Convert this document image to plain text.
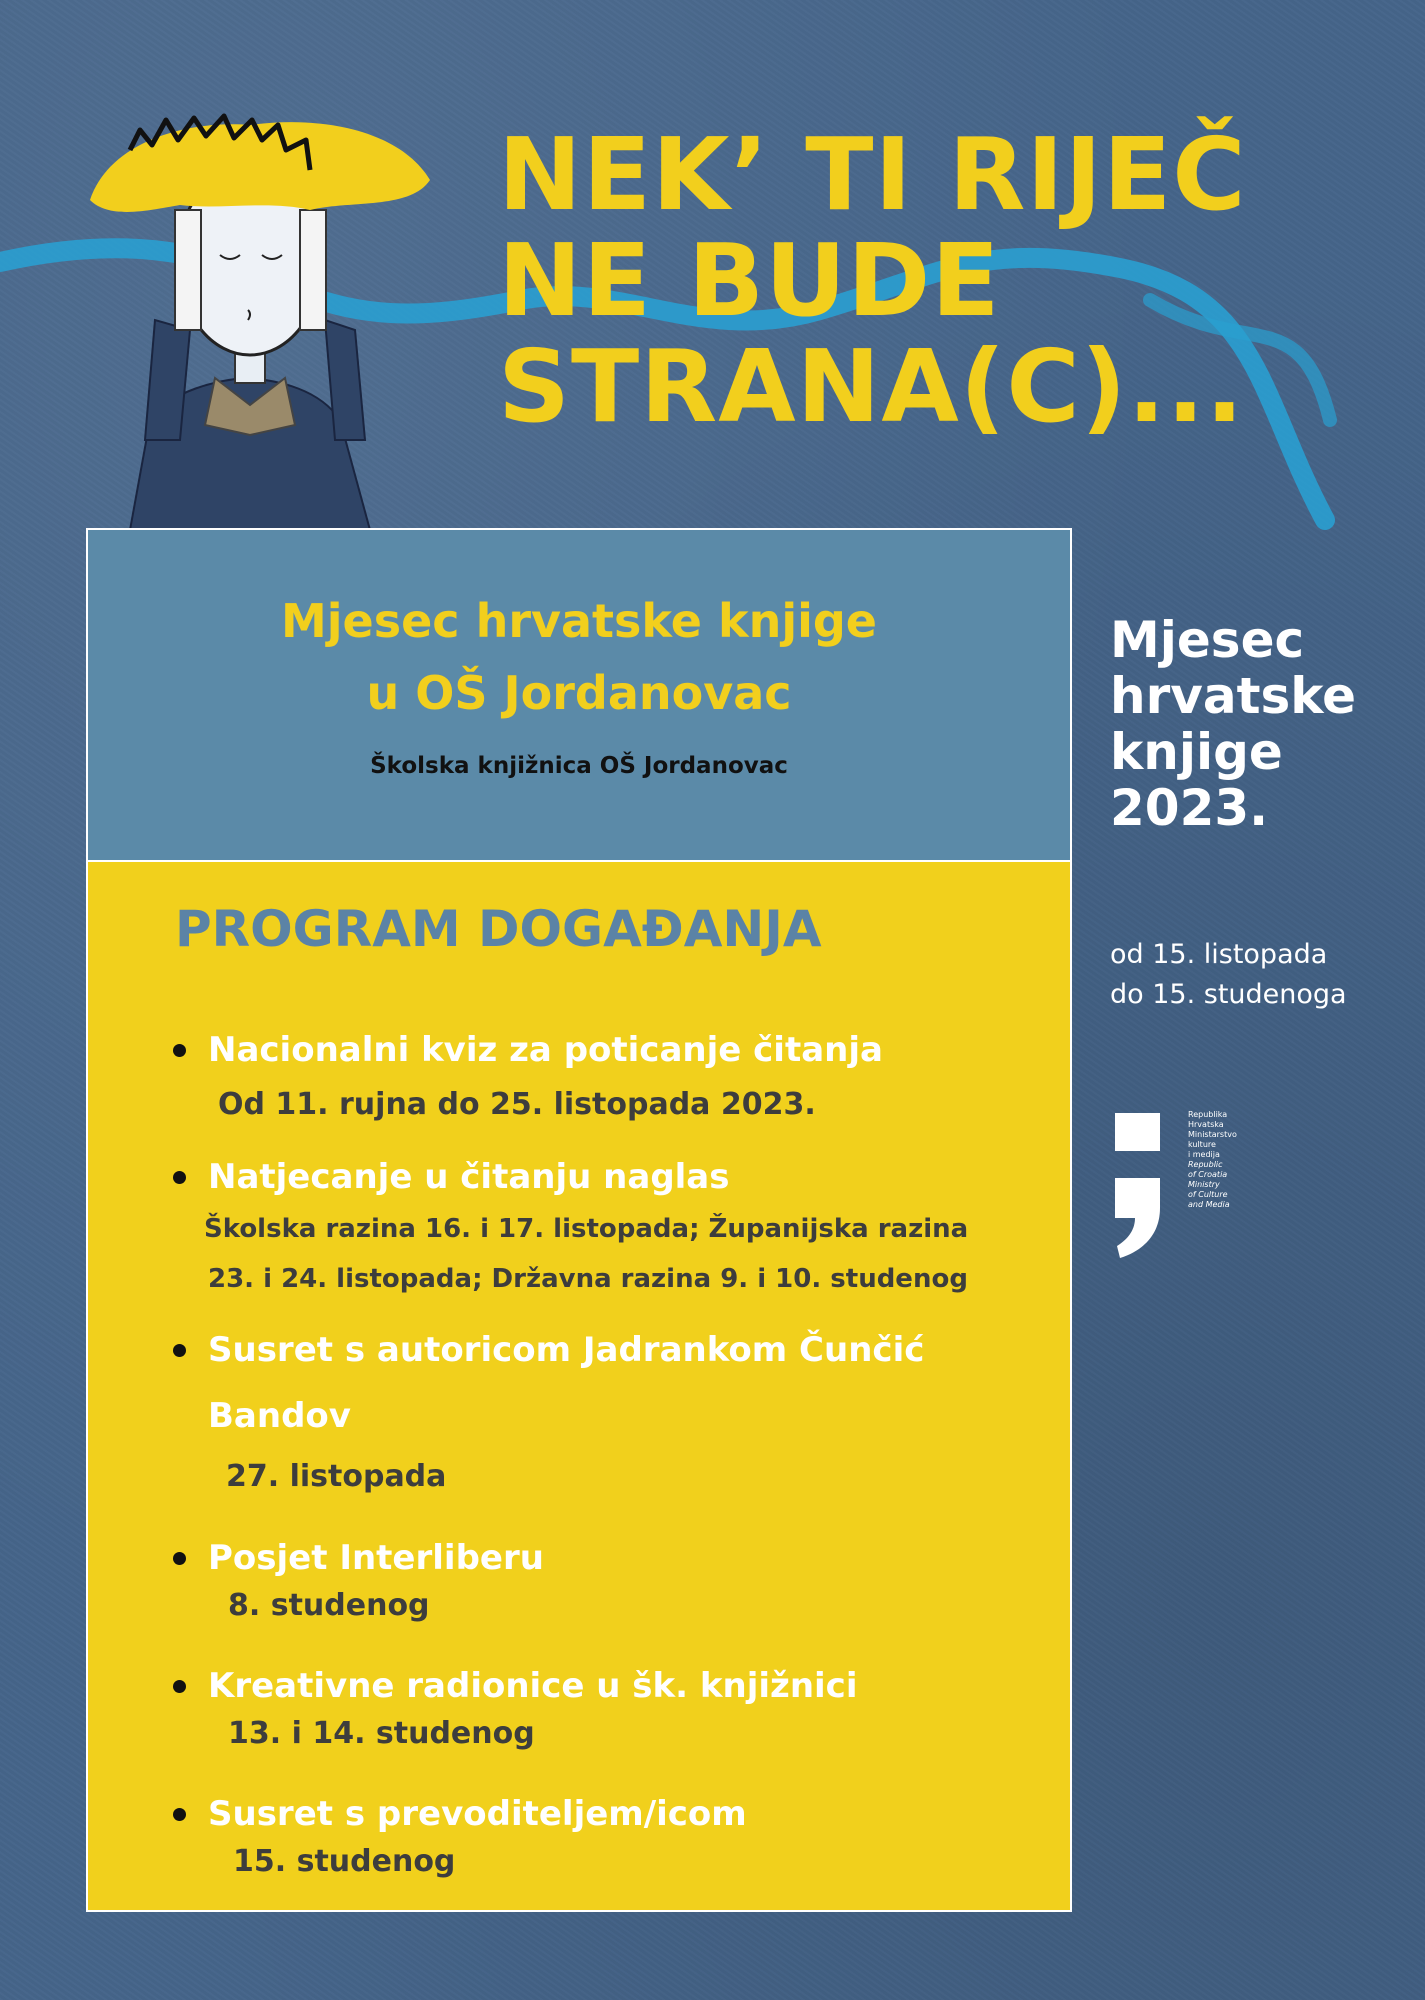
NEK’ TI RIJEČ
NE BUDE
STRANA(C)...
Mjesec
hrvatske
knjige
2023.
od 15. listopada
do 15. studenoga
Republika
Hrvatska
Ministarstvo
kulture
i medija
Republic
of Croatia
Ministry
of Culture
and Media
Mjesec hrvatske knjige
u OŠ Jordanovac
Školska knjižnica OŠ Jordanovac
PROGRAM DOGAĐANJA
Nacionalni kviz za poticanje čitanja
Od 11. rujna do 25. listopada 2023.
Natjecanje u čitanju naglas
Školska razina 16. i 17. listopada; Županijska razina
23. i 24. listopada; Državna razina 9. i 10. studenog
Susret s autoricom Jadrankom Čunčić Bandov
27. listopada
Posjet Interliberu
8. studenog
Kreativne radionice u šk. knjižnici
13. i 14. studenog
Susret s prevoditeljem/icom
15. studenog
